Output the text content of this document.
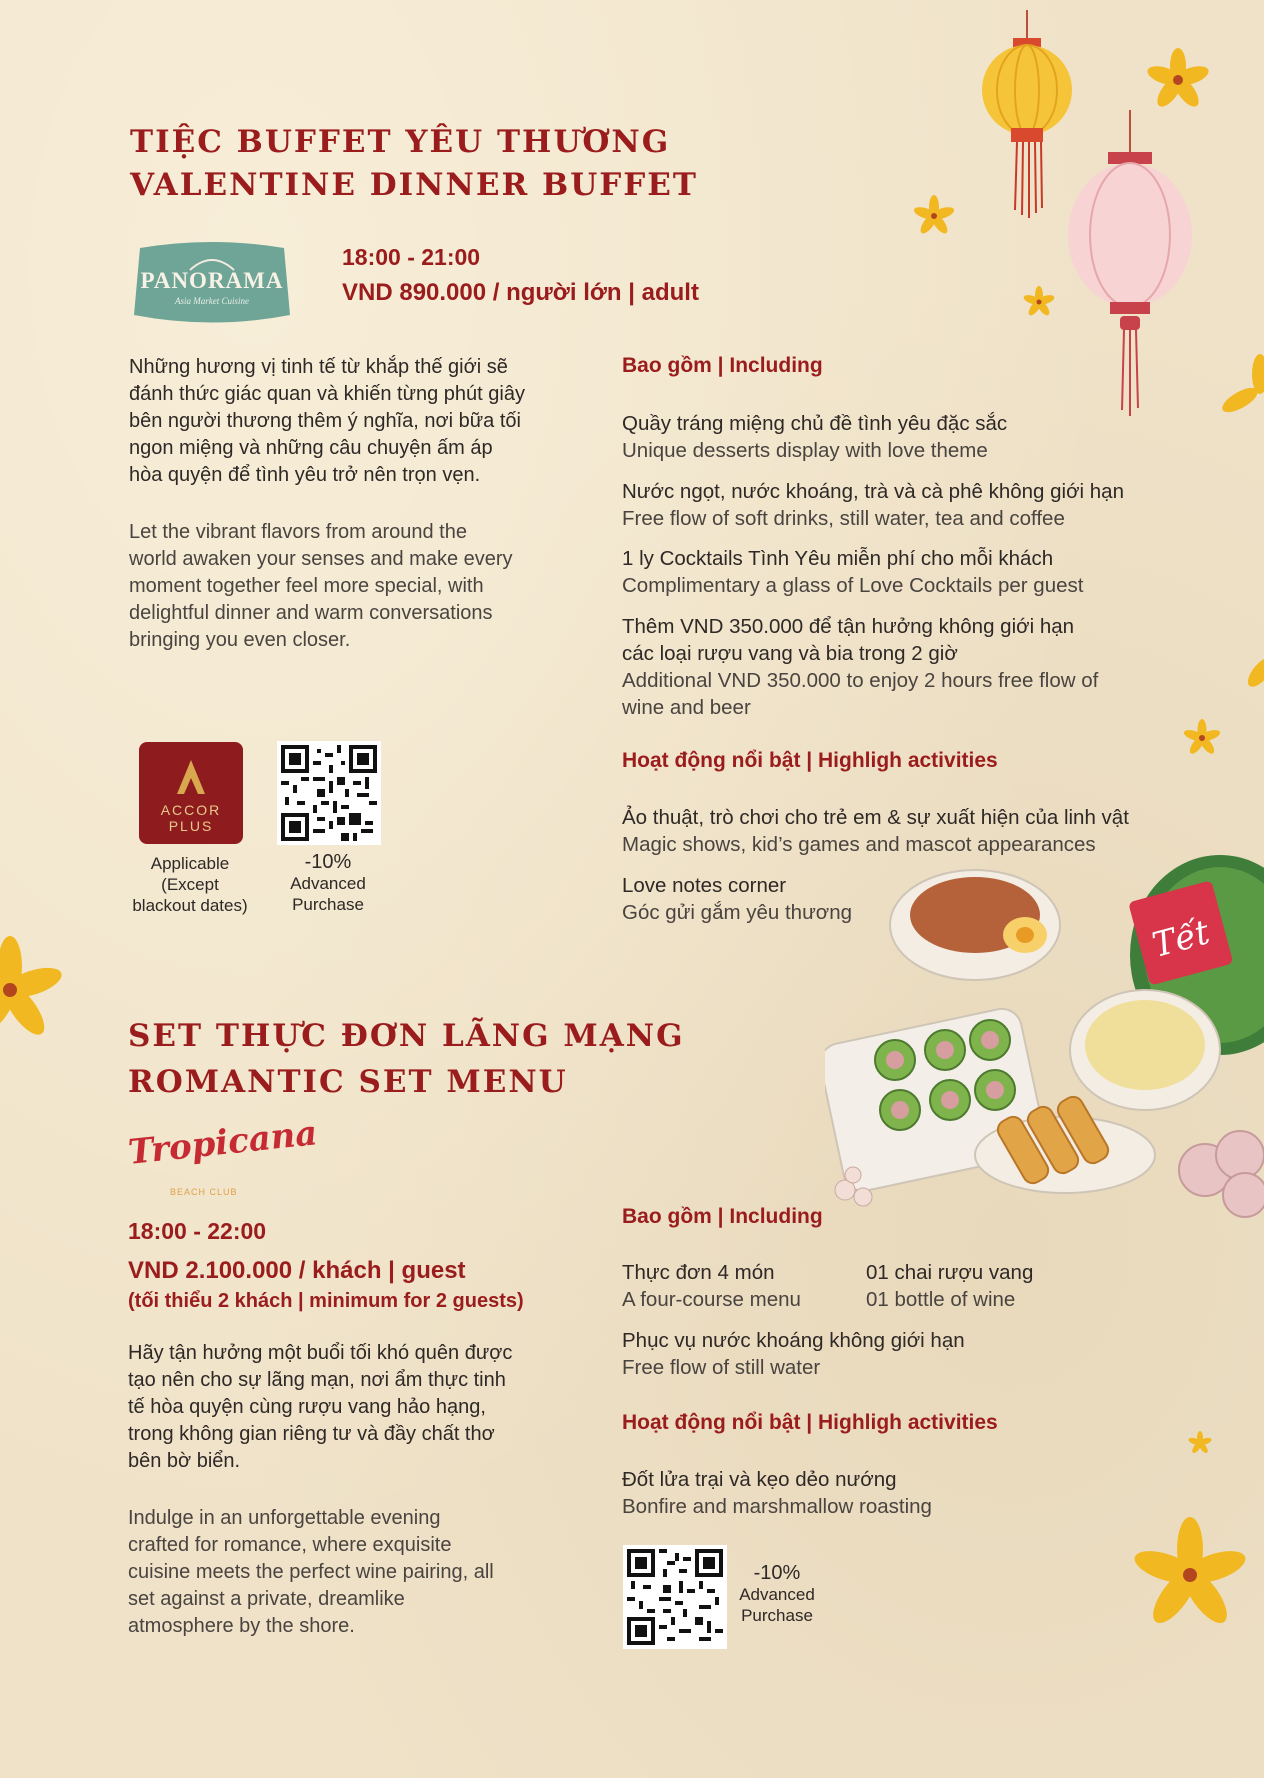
Tết
TIỆC BUFFET YÊU THƯƠNG
VALENTINE DINNER BUFFET
PANORAMA
Asia Market Cuisine
18:00 - 21:00
VND 890.000 / người lớn | adult
Những hương vị tinh tế từ khắp thế giới sẽ
đánh thức giác quan và khiến từng phút giây
bên người thương thêm ý nghĩa, nơi bữa tối
ngon miệng và những câu chuyện ấm áp
hòa quyện để tình yêu trở nên trọn vẹn.
Let the vibrant flavors from around the
world awaken your senses and make every
moment together feel more special, with
delightful dinner and warm conversations
bringing you even closer.
ACCOR
PLUS
Applicable
(Except
blackout dates)
-10%
Advanced
Purchase
Bao gồm | Including
Quầy tráng miệng chủ đề tình yêu đặc sắc
Unique desserts display with love theme
Nước ngọt, nước khoáng, trà và cà phê không giới hạn
Free flow of soft drinks, still water, tea and coffee
1 ly Cocktails Tình Yêu miễn phí cho mỗi khách
Complimentary a glass of Love Cocktails per guest
Thêm VND 350.000 để tận hưởng không giới hạn
các loại rượu vang và bia trong 2 giờ
Additional VND 350.000 to enjoy 2 hours free flow of
wine and beer
Hoạt động nổi bật | Highligh activities
Ảo thuật, trò chơi cho trẻ em & sự xuất hiện của linh vật
Magic shows, kid’s games and mascot appearances
Love notes corner
Góc gửi gắm yêu thương
SET THỰC ĐƠN LÃNG MẠNG
ROMANTIC SET MENU
Tropicana
BEACH CLUB
18:00 - 22:00
VND 2.100.000 / khách | guest
(tối thiểu 2 khách | minimum for 2 guests)
Hãy tận hưởng một buổi tối khó quên được
tạo nên cho sự lãng mạn, nơi ẩm thực tinh
tế hòa quyện cùng rượu vang hảo hạng,
trong không gian riêng tư và đầy chất thơ
bên bờ biển.
Indulge in an unforgettable evening
crafted for romance, where exquisite
cuisine meets the perfect wine pairing, all
set against a private, dreamlike
atmosphere by the shore.
Bao gồm | Including
Thực đơn 4 món
A four-course menu
01 chai rượu vang
01 bottle of wine
Phục vụ nước khoáng không giới hạn
Free flow of still water
Hoạt động nổi bật | Highligh activities
Đốt lửa trại và kẹo dẻo nướng
Bonfire and marshmallow roasting
-10%
Advanced
Purchase
